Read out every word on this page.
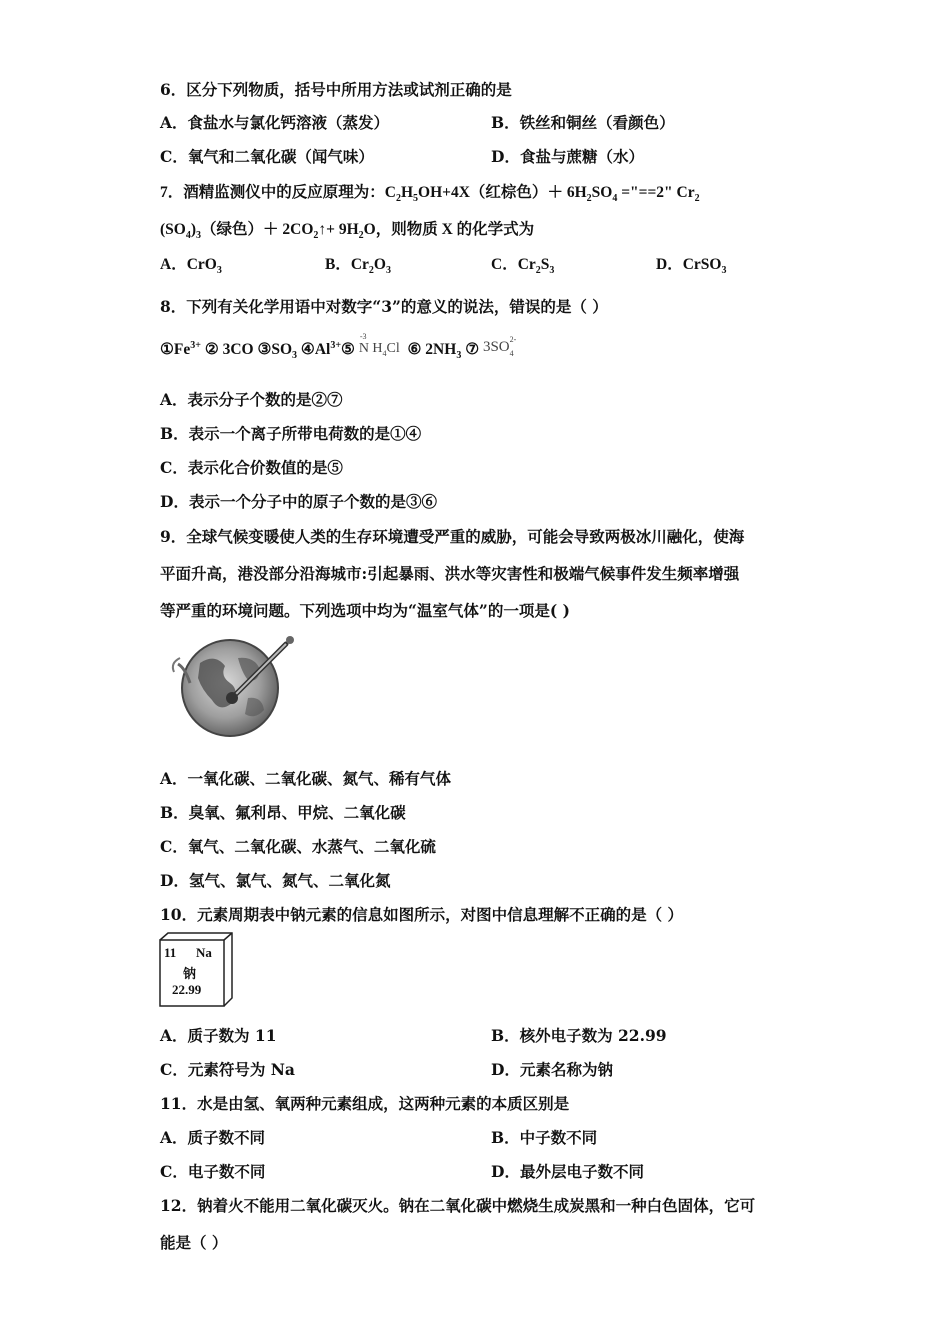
6．区分下列物质，括号中所用方法或试剂正确的是
A．食盐水与氯化钙溶液（蒸发）	B．铁丝和铜丝（看颜色）
C．氧气和二氧化碳（闻气味）	D．食盐与蔗糖（水）
7．酒精监测仪中的反应原理为：$C_2H_5OH+4X$（红棕色）＋ $6H_2SO_4$ ="==2" $Cr_2$
$(SO_4)_3$（绿色）＋ $2CO_2↑+ 9H_2O$，则物质 X 的化学式为
A．CrO$_3$	B．$Cr_2O_3$	C．$Cr_2S_3$	D．CrSO$_3$
8．下列有关化学用语中对数字“3”的意义的说法，错误的是（ ）
$①Fe^{3+}$ ② 3CO $③SO_3$ $④Al^{3+}⑤$
-3
N $H_4Cl$  ⑥ $2NH_3$ ⑦ 3SO 2-
4
A．表示分子个数的是②⑦
B．表示一个离子所带电荷数的是①④
C．表示化合价数值的是⑤
D．表示一个分子中的原子个数的是③⑥
9．全球气候变暖使人类的生存环境遭受严重的威胁，可能会导致两极冰川融化，使海
平面升高，港没部分沿海城市:引起暴雨、洪水等灾害性和极端气候事件发生频率增强
等严重的环境问题。下列选项中均为“温室气体”的一项是( )
A．一氧化碳、二氧化碳、氮气、稀有气体
B．臭氧、氟利昂、甲烷、二氧化碳
C．氧气、二氧化碳、水蒸气、二氧化硫
D．氢气、氯气、氮气、二氧化氮
10．元素周期表中钠元素的信息如图所示，对图中信息理解不正确的是（ ）
11 Na
钠
22.99
A．质子数为 11	B．核外电子数为 22.99
C．元素符号为 Na	D．元素名称为钠
11．水是由氢、氧两种元素组成，这两种元素的本质区别是
A．质子数不同	B．中子数不同
C．电子数不同	D．最外层电子数不同
12．钠着火不能用二氧化碳灭火。钠在二氧化碳中燃烧生成炭黑和一种白色固体，它可
能是（ ）
